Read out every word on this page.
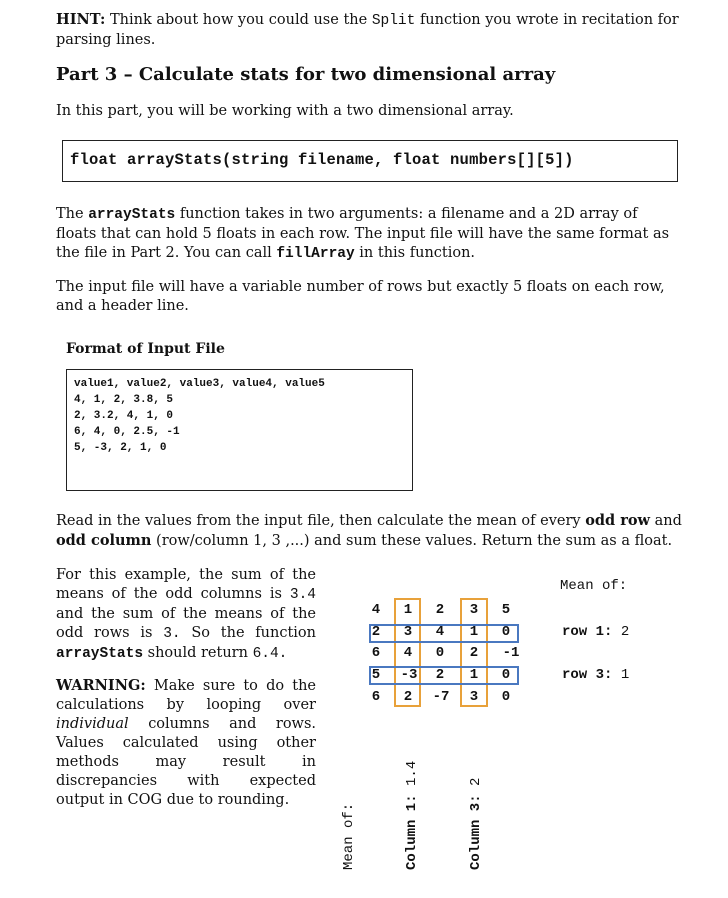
HINT: Think about how you could use the Split function you wrote in recitation for parsing lines.
Part 3 – Calculate stats for two dimensional array
In this part, you will be working with a two dimensional array.
float arrayStats(string filename, float numbers[][5])
The arrayStats function takes in two arguments: a filename and a 2D array of floats that can hold 5 floats in each row. The input file will have the same format as the file in Part 2. You can call fillArray in this function.
The input file will have a variable number of rows but exactly 5 floats on each row, and a header line.
Format of Input File
value1, value2, value3, value4, value5
4, 1, 2, 3.8, 5
2, 3.2, 4, 1, 0
6, 4, 0, 2.5, -1
5, -3, 2, 1, 0
Read in the values from the input file, then calculate the mean of every odd row and odd column (row/column 1, 3 ,...) and sum these values. Return the sum as a float.
For this example, the sum of the means of the odd columns is 3.4 and the sum of the means of the odd rows is 3. So the function arrayStats should return 6.4.
WARNING: Make sure to do the calculations by looping over individual columns and rows. Values calculated using other methods may result in discrepancies with expected output in COG due to rounding.
4	1	2	3	5
2	3	4	1	0
6	4	0	2	-1
5	-3	2	1	0
6	2	-7	3	0
Mean of:
row 1: 2
row 3: 1
Mean of:	Column 1: 1.4
Column 3: 2
